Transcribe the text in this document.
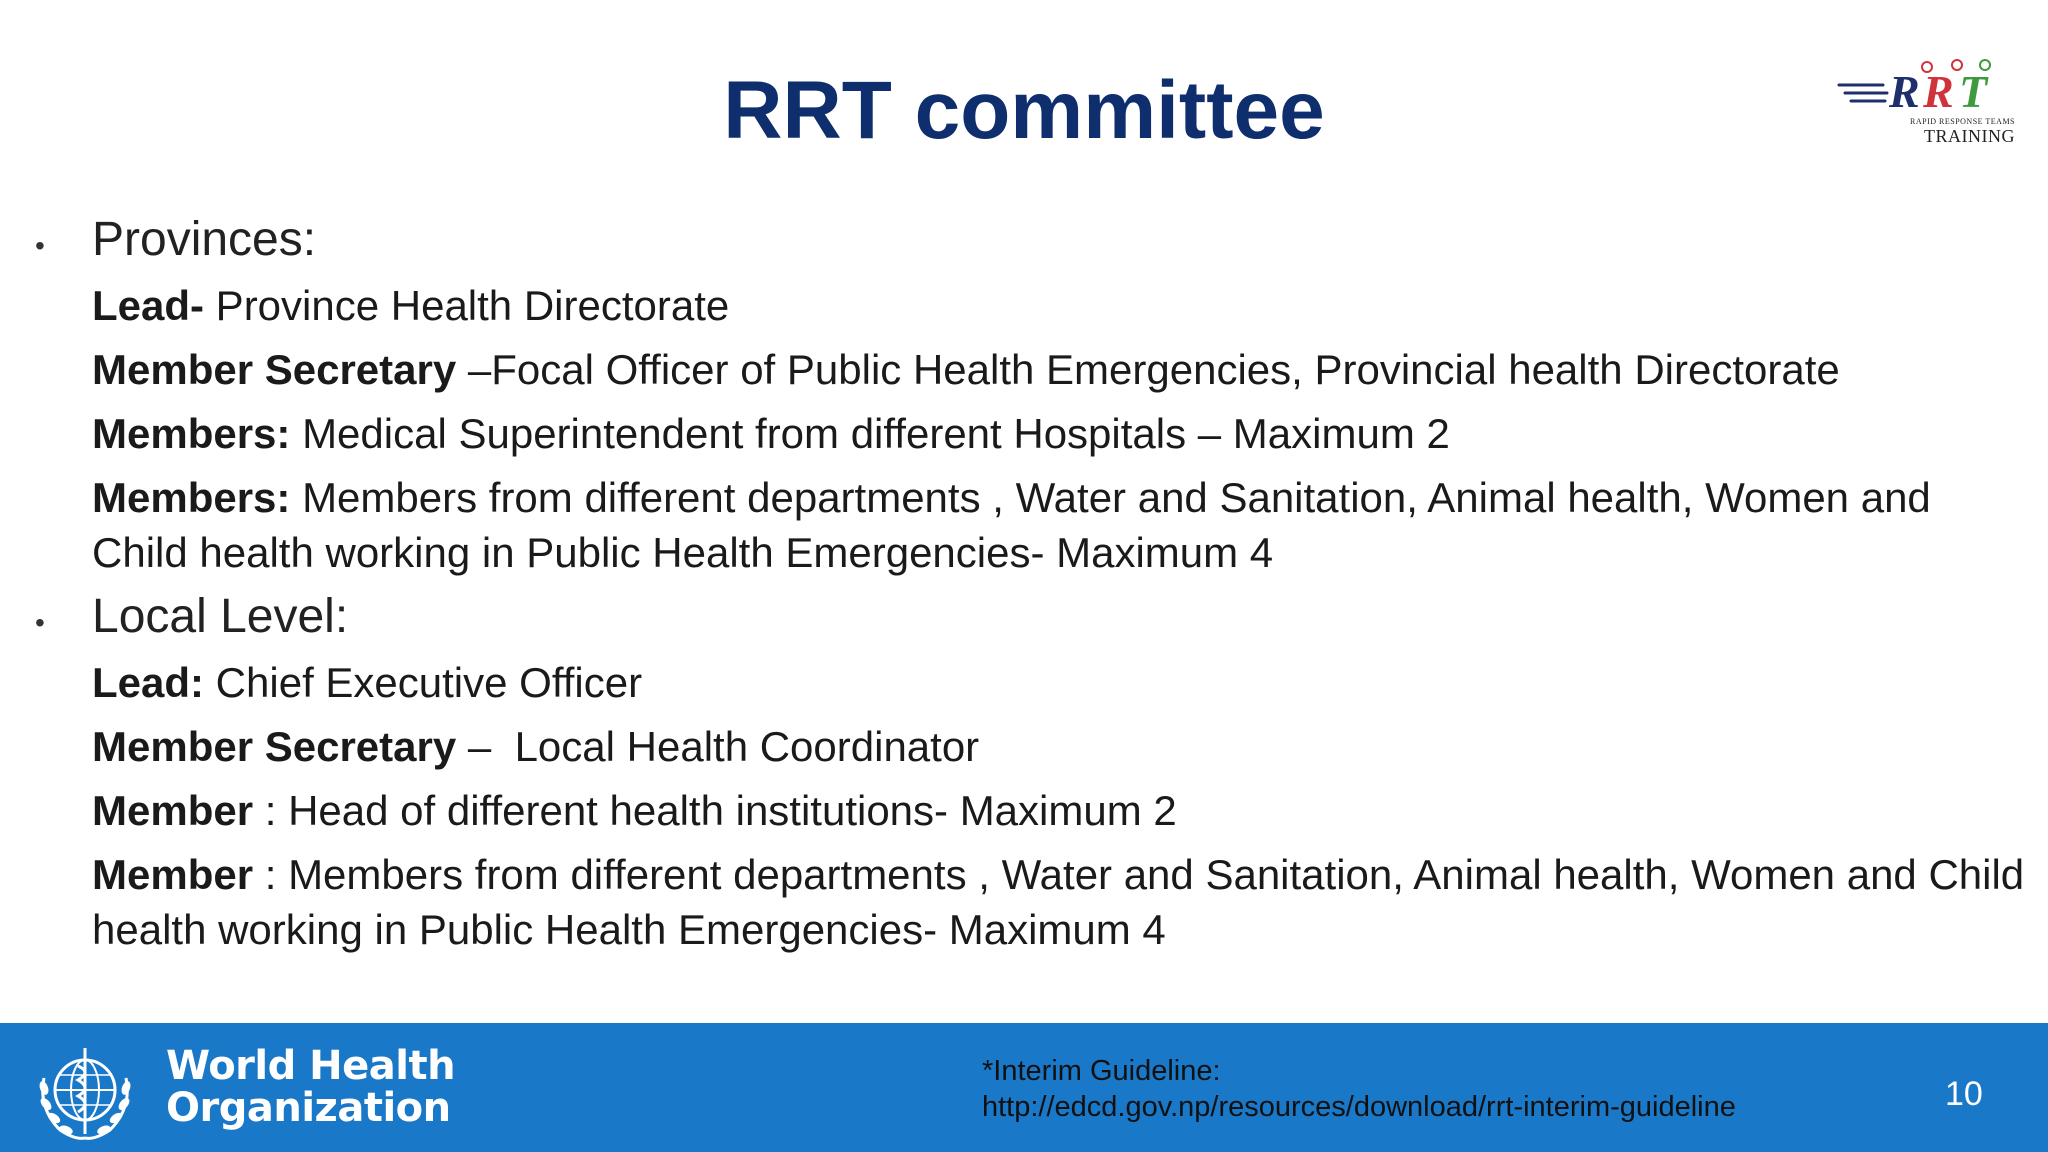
RRT committee	R R T
RAPID RESPONSE TEAMS
TRAINING
• Provinces:
Lead- Province Health Directorate
Member Secretary –Focal Officer of Public Health Emergencies, Provincial health Directorate
Members: Medical Superintendent from different Hospitals – Maximum 2
Members: Members from different departments , Water and Sanitation, Animal health, Women and Child health working in Public Health Emergencies- Maximum 4
• Local Level:
Lead: Chief Executive Officer
Member Secretary –  Local Health Coordinator
Member : Head of different health institutions- Maximum 2
Member : Members from different departments , Water and Sanitation, Animal health, Women and Child health working in Public Health Emergencies- Maximum 4
World Health
Organization
*Interim Guideline:
http://edcd.gov.np/resources/download/rrt-interim-guideline	10
